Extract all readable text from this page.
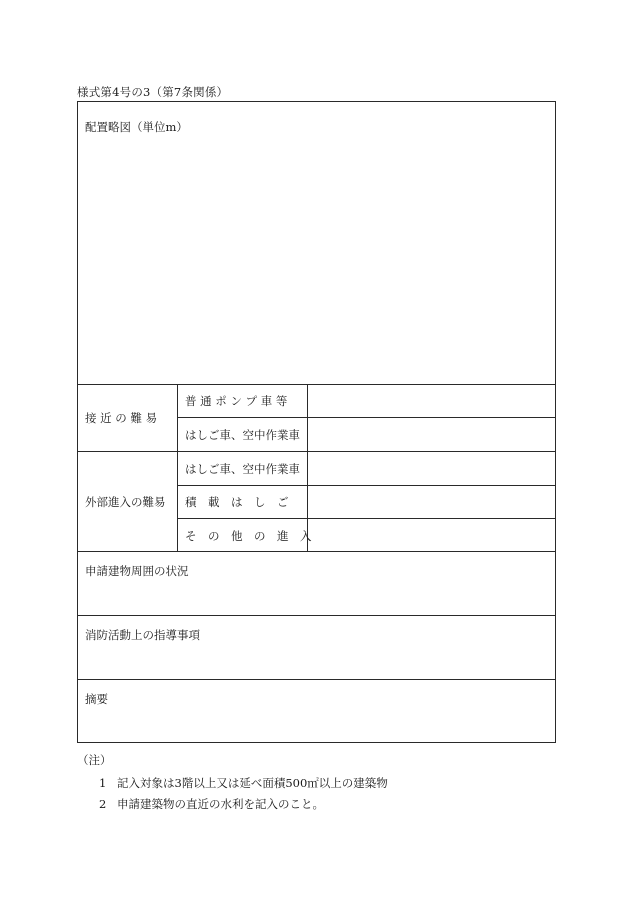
様式第4号の3（第7条関係）
配置略図（単位m）
接 近 の 難 易
普 通 ポ ン プ 車 等
はしご車、空中作業車
外部進入の難易
はしご車、空中作業車
積　載　は　し　ご
そ　の　他　の　進　入
申請建物周囲の状況
消防活動上の指導事項
摘要
（注）
1 記入対象は3階以上又は延べ面積500㎡以上の建築物
2 申請建築物の直近の水利を記入のこと。
